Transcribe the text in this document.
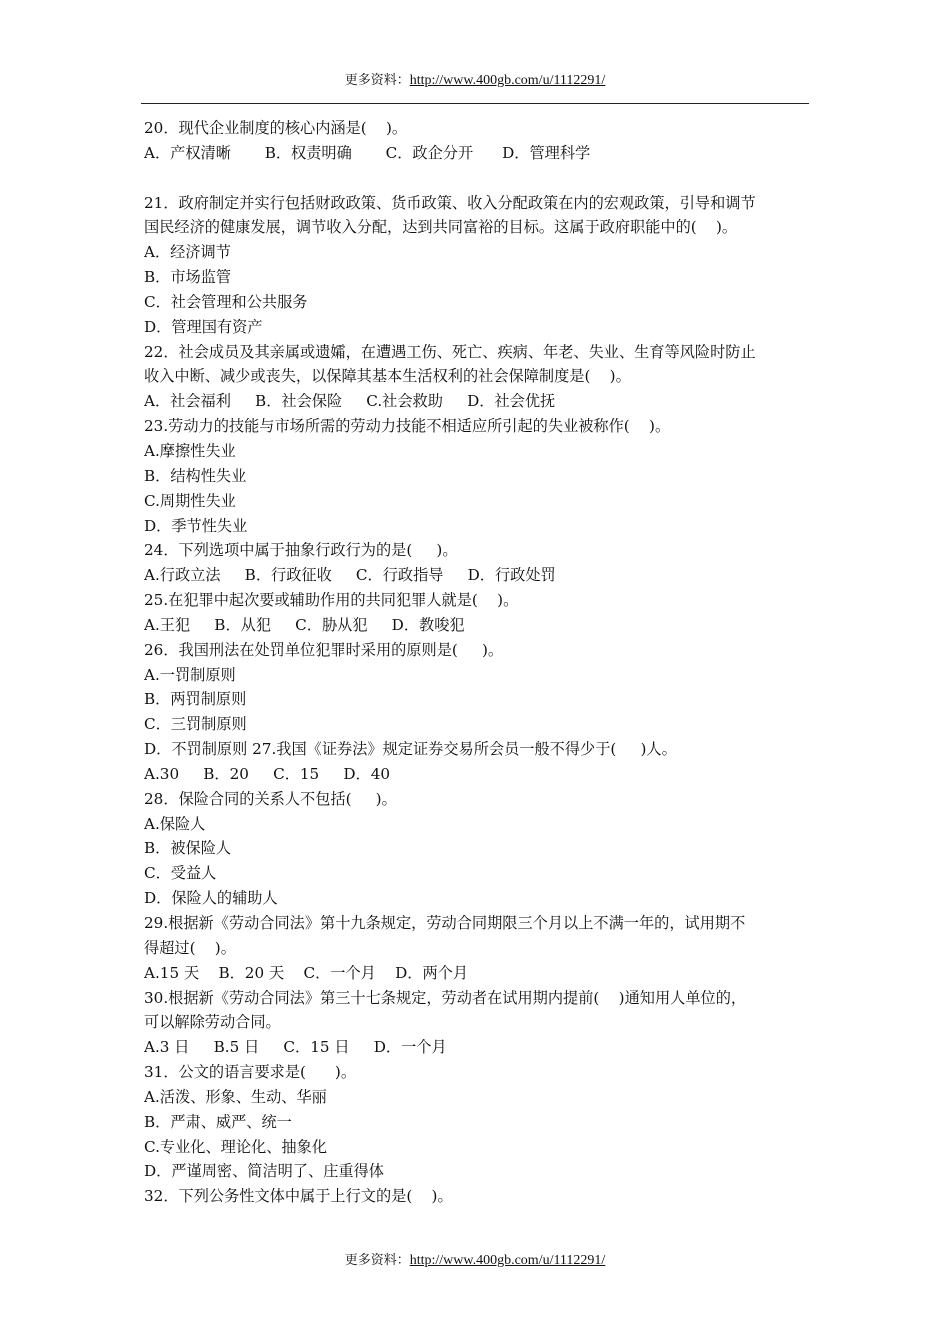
更多资料：http://www.400gb.com/u/1112291/
20．现代企业制度的核心内涵是(    )。
A．产权清晰       B．权责明确       C．政企分开      D．管理科学
21．政府制定并实行包括财政政策、货币政策、收入分配政策在内的宏观政策，引导和调节
国民经济的健康发展，调节收入分配，达到共同富裕的目标。这属于政府职能中的(    )。
A．经济调节
B．市场监管
C．社会管理和公共服务
D．管理国有资产
22．社会成员及其亲属或遗孀，在遭遇工伤、死亡、疾病、年老、失业、生育等风险时防止
收入中断、减少或丧失，以保障其基本生活权利的社会保障制度是(    )。
A．社会福利     B．社会保险     C.社会救助     D．社会优抚
23.劳动力的技能与市场所需的劳动力技能不相适应所引起的失业被称作(    )。
A.摩擦性失业
B．结构性失业
C.周期性失业
D．季节性失业
24．下列选项中属于抽象行政行为的是(     )。
A.行政立法     B．行政征收     C．行政指导     D．行政处罚
25.在犯罪中起次要或辅助作用的共同犯罪人就是(    )。
A.王犯     B．从犯     C．胁从犯     D．教唆犯
26．我国刑法在处罚单位犯罪时采用的原则是(     )。
A.一罚制原则
B．两罚制原则
C．三罚制原则
D．不罚制原则 27.我国《证券法》规定证券交易所会员一般不得少于(     )人。
A.30     B．20     C．15     D．40
28．保险合同的关系人不包括(     )。
A.保险人
B．被保险人
C．受益人
D．保险人的辅助人
29.根据新《劳动合同法》第十九条规定，劳动合同期限三个月以上不满一年的，试用期不
得超过(    )。
A.15 天    B．20 天    C．一个月    D．两个月
30.根据新《劳动合同法》第三十七条规定，劳动者在试用期内提前(    )通知用人单位的，
可以解除劳动合同。
A.3 日     B.5 日     C．15 日     D．一个月
31．公文的语言要求是(      )。
A.活泼、形象、生动、华丽
B．严肃、威严、统一
C.专业化、理论化、抽象化
D．严谨周密、简洁明了、庄重得体
32．下列公务性文体中属于上行文的是(    )。
更多资料：http://www.400gb.com/u/1112291/
